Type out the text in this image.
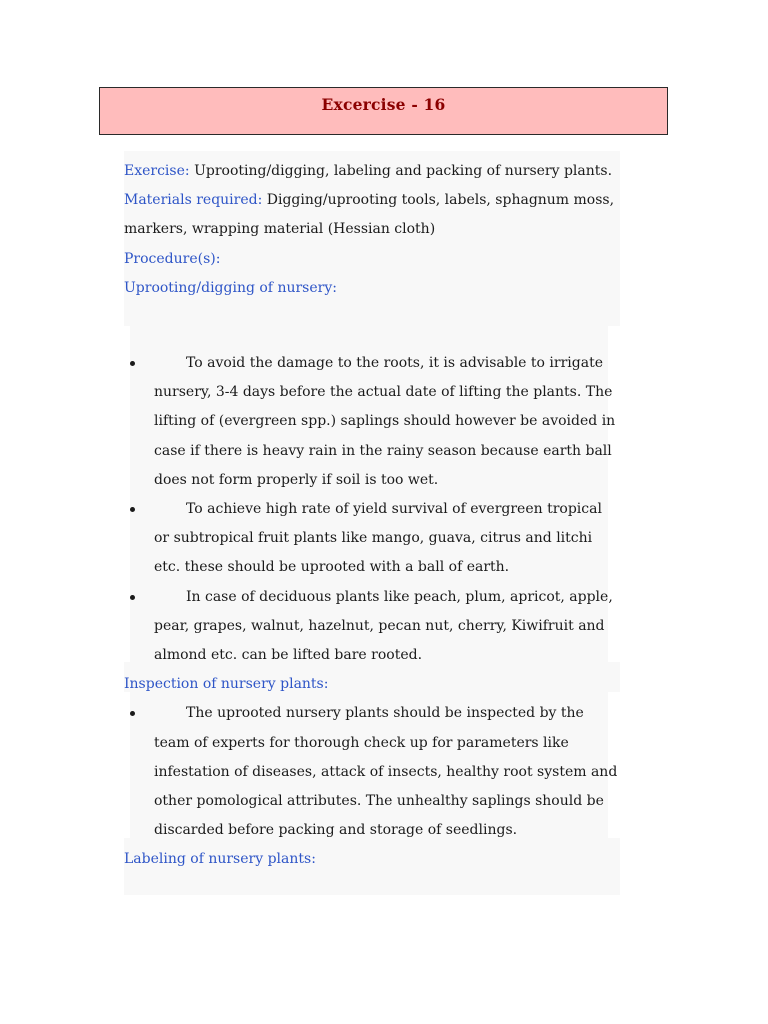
Excercise - 16

Exercise: Uprooting/digging, labeling and packing of nursery plants.

Materials required: Digging/uprooting tools, labels, sphagnum moss, markers, wrapping material (Hessian cloth)

Procedure(s):

Uprooting/digging of nursery:

To avoid the damage to the roots, it is advisable to irrigate nursery, 3-4 days before the actual date of lifting the plants. The lifting of (evergreen spp.) saplings should however be avoided in case if there is heavy rain in the rainy season because earth ball does not form properly if soil is too wet.
To achieve high rate of yield survival of evergreen tropical or subtropical fruit plants like mango, guava, citrus and litchi etc. these should be uprooted with a ball of earth.
In case of deciduous plants like peach, plum, apricot, apple, pear, grapes, walnut, hazelnut, pecan nut, cherry, Kiwifruit and almond etc. can be lifted bare rooted.

Inspection of nursery plants:

The uprooted nursery plants should be inspected by the team of experts for thorough check up for parameters like infestation of diseases, attack of insects, healthy root system and other pomological attributes. The unhealthy saplings should be discarded before packing and storage of seedlings.

Labeling of nursery plants:
